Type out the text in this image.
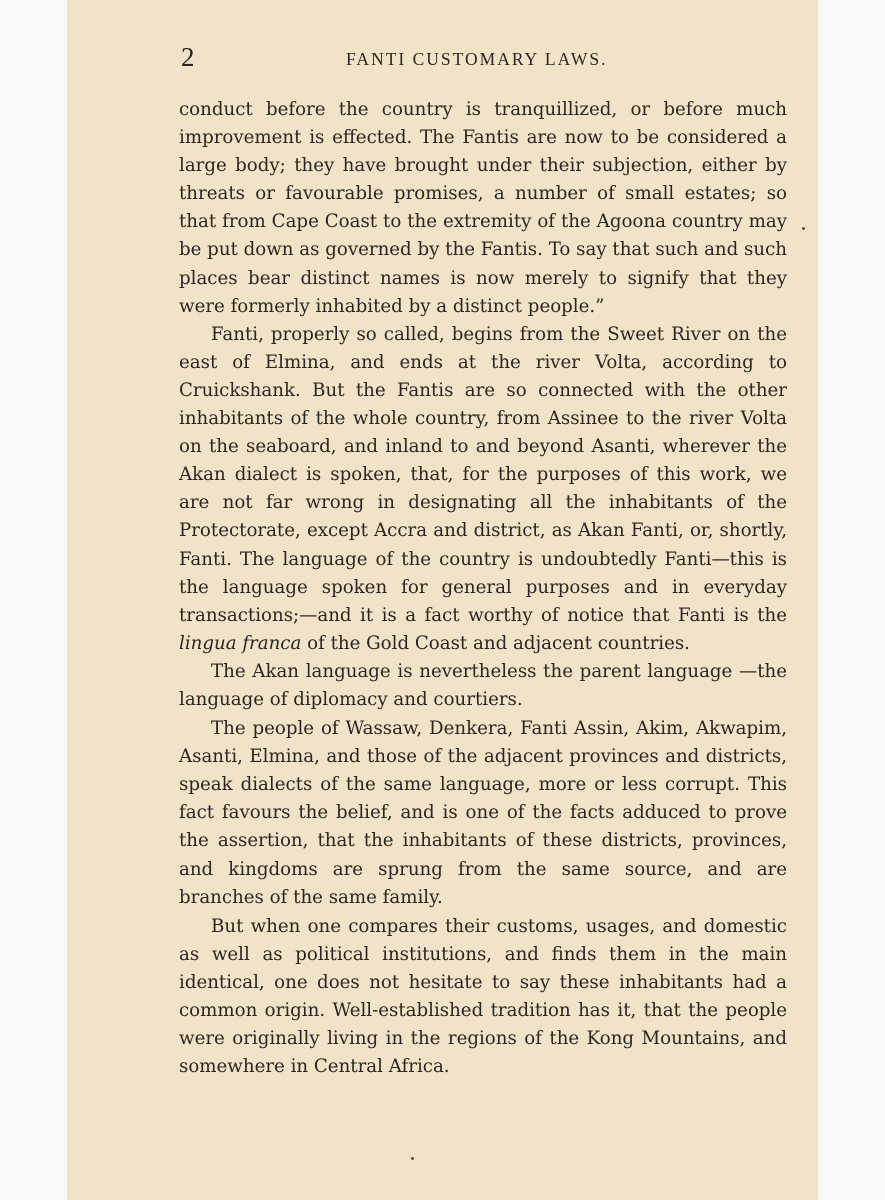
2	FANTI CUSTOMARY LAWS.

conduct before the country is tranquillized, or before much improvement is effected. The Fantis are now to be considered a large body; they have brought under their subjection, either by threats or favourable promises, a number of small estates; so that from Cape Coast to the extremity of the Agoona country may be put down as governed by the Fantis. To say that such and such places bear distinct names is now merely to signify that they were formerly inhabited by a distinct people.”

Fanti, properly so called, begins from the Sweet River on the east of Elmina, and ends at the river Volta, according to Cruickshank. But the Fantis are so connected with the other inhabitants of the whole country, from Assinee to the river Volta on the seaboard, and inland to and beyond Asanti, wherever the Akan dialect is spoken, that, for the purposes of this work, we are not far wrong in designating all the inhabitants of the Protectorate, except Accra and district, as Akan Fanti, or, shortly, Fanti. The language of the country is undoubtedly Fanti—this is the language spoken for general purposes and in everyday transactions;—and it is a fact worthy of notice that Fanti is the lingua franca of the Gold Coast and adjacent countries.

The Akan language is nevertheless the parent language —the language of diplomacy and courtiers.

The people of Wassaw, Denkera, Fanti Assin, Akim, Akwapim, Asanti, Elmina, and those of the adjacent provinces and districts, speak dialects of the same language, more or less corrupt. This fact favours the belief, and is one of the facts adduced to prove the assertion, that the inhabitants of these districts, provinces, and kingdoms are sprung from the same source, and are branches of the same family.

But when one compares their customs, usages, and domestic as well as political institutions, and finds them in the main identical, one does not hesitate to say these inhabitants had a common origin. Well-established tradition has it, that the people were originally living in the regions of the Kong Mountains, and somewhere in Central Africa.
